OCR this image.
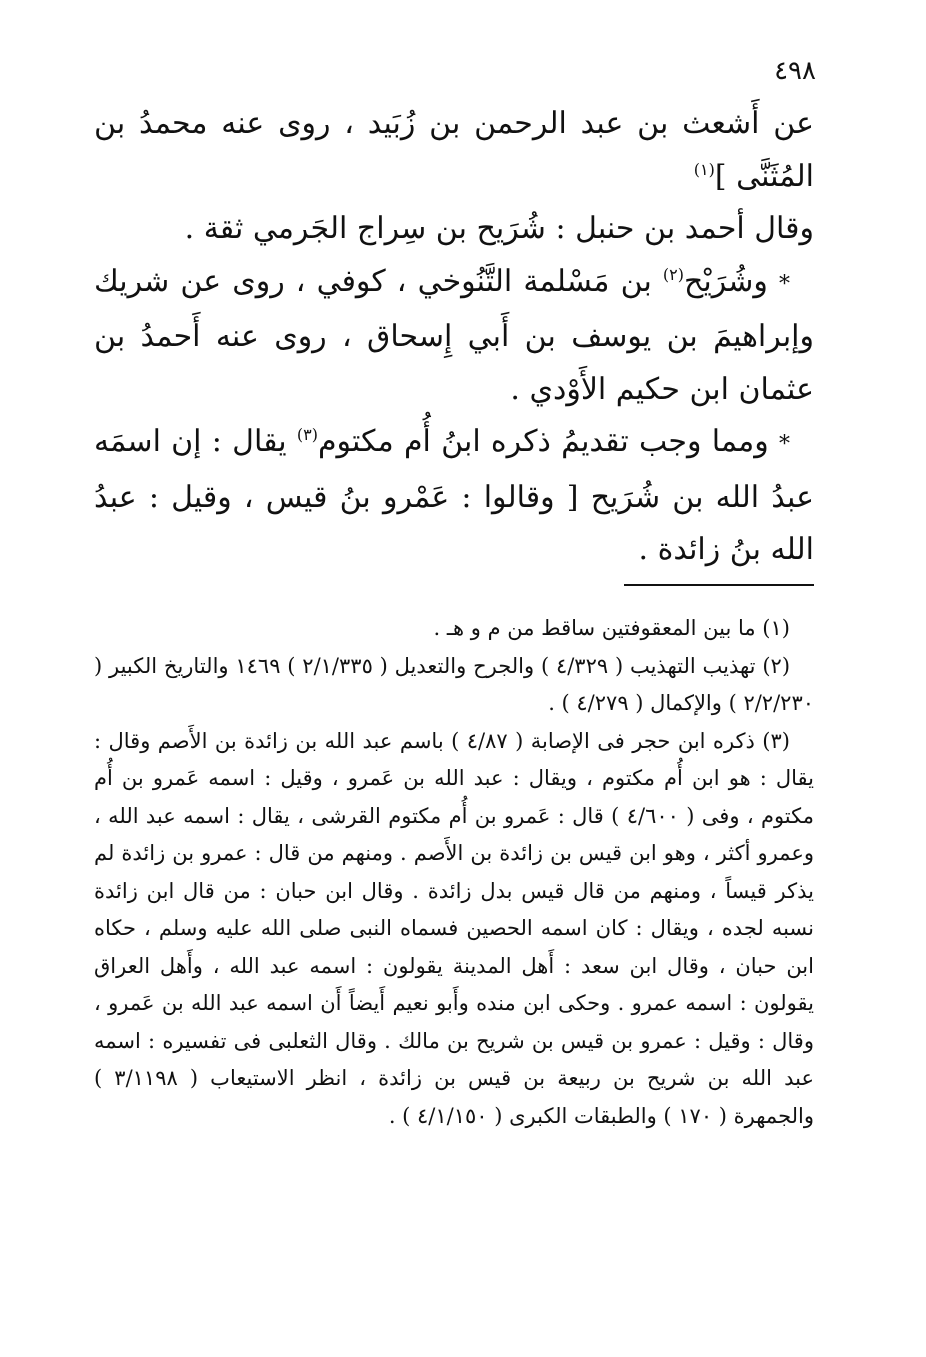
٤٩٨

عن أَشعث بن عبد الرحمن بن زُبَيد ، روى عنه محمدُ بن المُثَنَّى ]$^{(١)}$

وقال أحمد بن حنبل : شُرَيح بن سِراج الجَرمي ثقة .

* وشُرَيْح$^{(٢)}$ بن مَسْلمة التَّنُوخي ، كوفي ، روى عن شريك وإبراهيمَ بن يوسف بن أَبي إِسحاق ، روى عنه أَحمدُ بن عثمان ابن حكيم الأَوْدي .

* ومما وجب تقديمُ ذكره ابنُ أُم مكتوم$^{(٣)}$ يقال : إن اسمَه عبدُ الله بن شُرَيح [ وقالوا : عَمْرو بنُ قيس ، وقيل : عبدُ الله بنُ زائدة .

(١) ما بين المعقوفتين ساقط من م و هـ .

(٢) تهذيب التهذيب ( ٤/٣٢٩ ) والجرح والتعديل ( ٢/١/٣٣٥ ) ١٤٦٩ والتاريخ الكبير ( ٢/٢/٢٣٠ ) والإكمال ( ٤/٢٧٩ ) .

(٣) ذكره ابن حجر فى الإصابة ( ٤/٨٧ ) باسم عبد الله بن زائدة بن الأَصم وقال : يقال : هو ابن أُم مكتوم ، ويقال : عبد الله بن عَمرو ، وقيل : اسمه عَمرو بن أُم مكتوم ، وفى ( ٤/٦٠٠ ) قال : عَمرو بن أُم مكتوم القرشى ، يقال : اسمه عبد الله ، وعمرو أكثر ، وهو ابن قيس بن زائدة بن الأَصم . ومنهم من قال : عمرو بن زائدة لم يذكر قيساً ، ومنهم من قال قيس بدل زائدة . وقال ابن حبان : من قال ابن زائدة نسبه لجده ، ويقال : كان اسمه الحصين فسماه النبى صلى الله عليه وسلم ، حكاه ابن حبان ، وقال ابن سعد : أَهل المدينة يقولون : اسمه عبد الله ، وأَهل العراق يقولون : اسمه عمرو . وحكى ابن منده وأَبو نعيم أَيضاً أَن اسمه عبد الله بن عَمرو ، وقال : وقيل : عمرو بن قيس بن شريح بن مالك . وقال الثعلبى فى تفسيره : اسمه عبد الله بن شريح بن ربيعة بن قيس بن زائدة ، انظر الاستيعاب ( ٣/١١٩٨ ) والجمهرة ( ١٧٠ ) والطبقات الكبرى ( ٤/١/١٥٠ ) .
